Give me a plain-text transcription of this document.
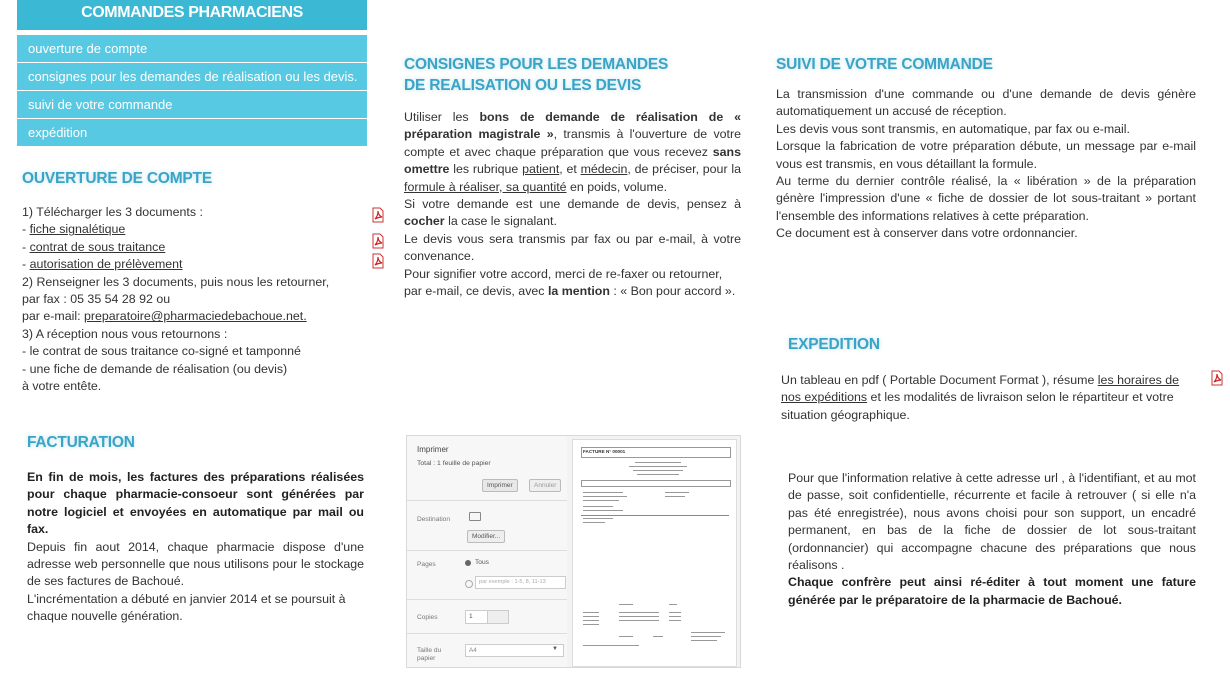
COMMANDES PHARMACIENS
ouverture de compte
consignes pour les demandes de réalisation ou les devis.
suivi de votre commande
expédition
OUVERTURE DE COMPTE
1) Télécharger les 3 documents :
- fiche signalétique
- contrat de sous traitance
- autorisation de prélèvement
2) Renseigner les 3 documents, puis nous les retourner,
par fax : 05 35 54 28 92 ou
par e-mail: preparatoire@pharmaciedebachoue.net.
3) A réception nous vous retournons :
- le contrat de sous traitance co-signé et tamponné
- une fiche de demande de réalisation (ou devis)
à votre entête.
FACTURATION
En fin de mois, les factures des préparations réalisées pour chaque pharmacie-consoeur sont générées par notre logiciel et envoyées en automatique par mail ou fax.
Depuis fin aout 2014, chaque pharmacie dispose d'une adresse web personnelle que nous utilisons pour le stockage de ses factures de Bachoué.
L'incrémentation a débuté en janvier 2014 et se poursuit à chaque nouvelle génération.
CONSIGNES POUR LES DEMANDES
DE REALISATION OU LES DEVIS
Utiliser les bons de demande de réalisation de « préparation magistrale », transmis à l'ouverture de votre compte et avec chaque préparation que vous recevez sans omettre les rubrique patient, et médecin, de préciser, pour la formule à réaliser, sa quantité en poids, volume.
Si votre demande est une demande de devis, pensez à cocher la case le signalant.
Le devis vous sera transmis par fax ou par e-mail, à votre convenance.
Pour signifier votre accord, merci de re-faxer ou retourner, par e-mail, ce devis, avec la mention : « Bon pour accord ».
Imprimer
Total : 1 feuille de papier
Imprimer	Annuler
Destination
Modifier...
Pages	Tous
par exemple : 1-5, 8, 11-13
Copies	1
Taille du papier
A4	▼
FACTURE N° 00001
SUIVI DE VOTRE COMMANDE
La transmission d'une commande ou d'une demande de devis génère automatiquement un accusé de réception.
Les devis vous sont transmis, en automatique, par fax ou e-mail.
Lorsque la fabrication de votre préparation débute, un message par e-mail vous est transmis, en vous détaillant la formule.
Au terme du dernier contrôle réalisé, la « libération » de la préparation génère l'impression d'une « fiche de dossier de lot sous-traitant » portant l'ensemble des informations relatives à cette préparation.
Ce document est à conserver dans votre ordonnancier.
EXPEDITION
Un tableau en pdf ( Portable Document Format ), résume les horaires de nos expéditions et les modalités de livraison selon le répartiteur et votre situation géographique.
Pour que l'information relative à cette adresse url , à l'identifiant, et au mot de passe, soit confidentielle, récurrente et facile à retrouver ( si elle n'a pas été enregistrée), nous avons choisi pour son support, un encadré permanent, en bas de la fiche de dossier de lot sous-traitant (ordonnancier) qui accompagne chacune des préparations que nous réalisons .
Chaque confrère peut ainsi ré-éditer à tout moment une fature générée par le préparatoire de la pharmacie de Bachoué.
